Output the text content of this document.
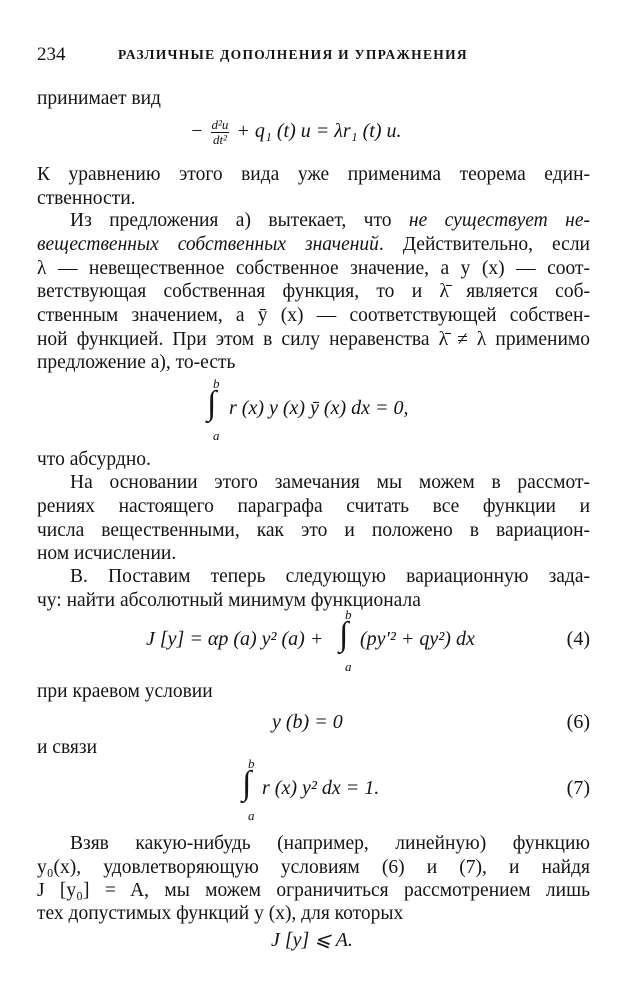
234	РАЗЛИЧНЫЕ ДОПОЛНЕНИЯ И УПРАЖНЕНИЯ
принимает вид
− $\frac{\text{d²u}}{\text{dt²}} + q_1$ (t) u = λr₁ (t) u.
К уравнению этого вида уже применима теорема един-
ственности.
Из предложения а) вытекает, что не существует не-
вещественных собственных значений. Действительно, если
λ — невещественное собственное значение, а y (x) — соот-
ветствующая собственная функция, то и λ̄ является соб-
ственным значением, а ȳ (x) — соответствующей собствен-
ной функцией. При этом в силу неравенства λ̄ ≠ λ применимо
предложение а), то-есть
b
∫
a
r (x) y (x) ȳ (x) dx = 0,
что абсурдно.
На основании этого замечания мы можем в рассмот-
рениях настоящего параграфа считать все функции и
числа вещественными, как это и положено в вариацион-
ном исчислении.
В. Поставим теперь следующую вариационную зада-
чу: найти абсолютный минимум функционала
J [y] = αp (a) y² (a) +
b
∫
a
(py′² + qy²) dx	(4)
при краевом условии
y (b) = 0	(6)
и связи
b
∫
a
r (x) y² dx = 1.	(7)
Взяв какую-нибудь (например, линейную) функцию
y₀(x), удовлетворяющую условиям (6) и (7), и найдя
J [y₀] = A, мы можем ограничиться рассмотрением лишь
тех допустимых функций y (x), для которых
J [y] ⩽ A.
